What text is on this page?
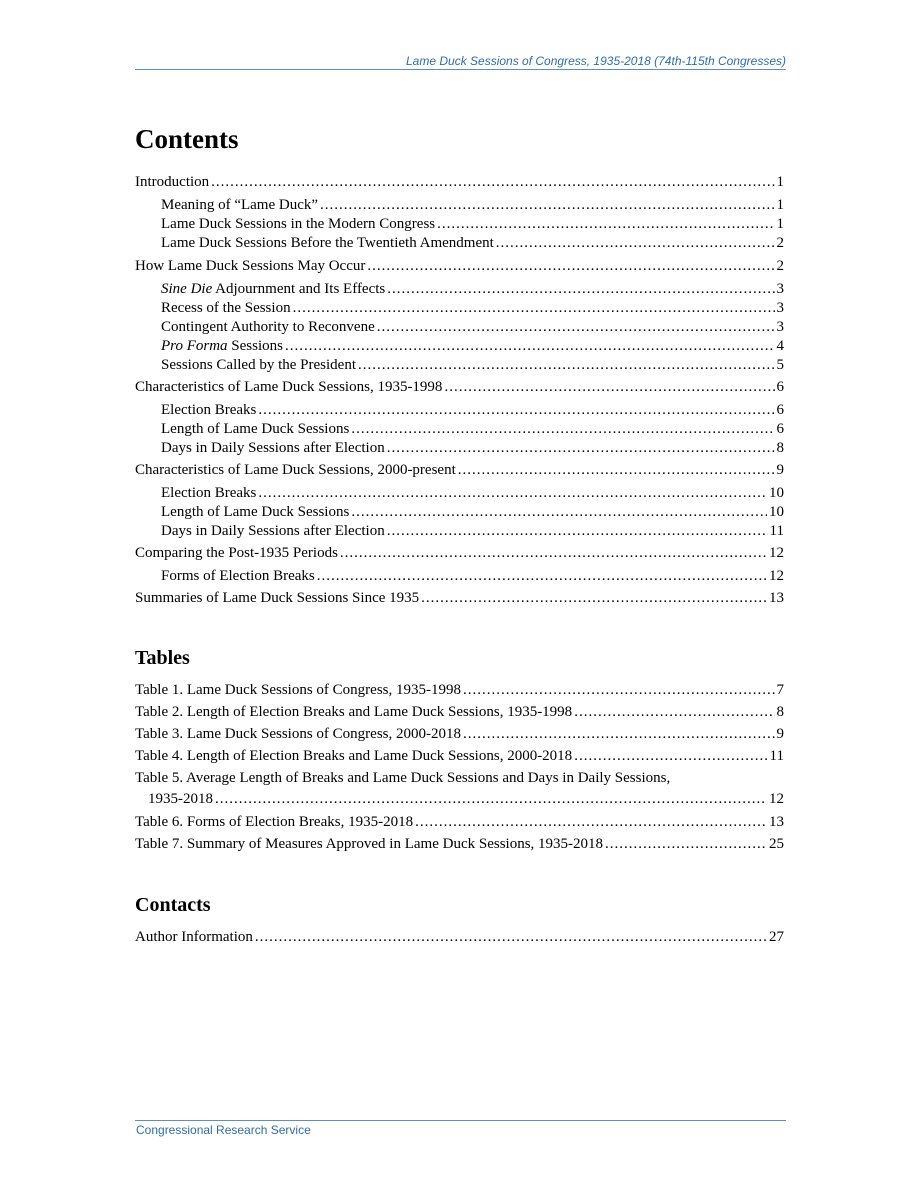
Lame Duck Sessions of Congress, 1935-2018 (74th-115th Congresses)
Contents
Introduction .....	1
Meaning of “Lame Duck” .....	1
Lame Duck Sessions in the Modern Congress .....	1
Lame Duck Sessions Before the Twentieth Amendment .....	2
How Lame Duck Sessions May Occur .....	2
Sine Die Adjournment and Its Effects .....	3
Recess of the Session .....	3
Contingent Authority to Reconvene .....	3
Pro Forma Sessions .....	4
Sessions Called by the President .....	5
Characteristics of Lame Duck Sessions, 1935-1998 .....	6
Election Breaks .....	6
Length of Lame Duck Sessions .....	6
Days in Daily Sessions after Election .....	8
Characteristics of Lame Duck Sessions, 2000-present .....	9
Election Breaks .....	10
Length of Lame Duck Sessions .....	10
Days in Daily Sessions after Election .....	11
Comparing the Post-1935 Periods .....	12
Forms of Election Breaks .....	12
Summaries of Lame Duck Sessions Since 1935 .....	13
Tables
Table 1. Lame Duck Sessions of Congress, 1935-1998 .....	7
Table 2. Length of Election Breaks and Lame Duck Sessions, 1935-1998 .....	8
Table 3. Lame Duck Sessions of Congress, 2000-2018 .....	9
Table 4. Length of Election Breaks and Lame Duck Sessions, 2000-2018 .....	11
Table 5. Average Length of Breaks and Lame Duck Sessions and Days in Daily Sessions,
1935-2018 .....	12
Table 6. Forms of Election Breaks, 1935-2018 .....	13
Table 7. Summary of Measures Approved in Lame Duck Sessions, 1935-2018 .....	25
Contacts
Author Information .....	27
Congressional Research Service
